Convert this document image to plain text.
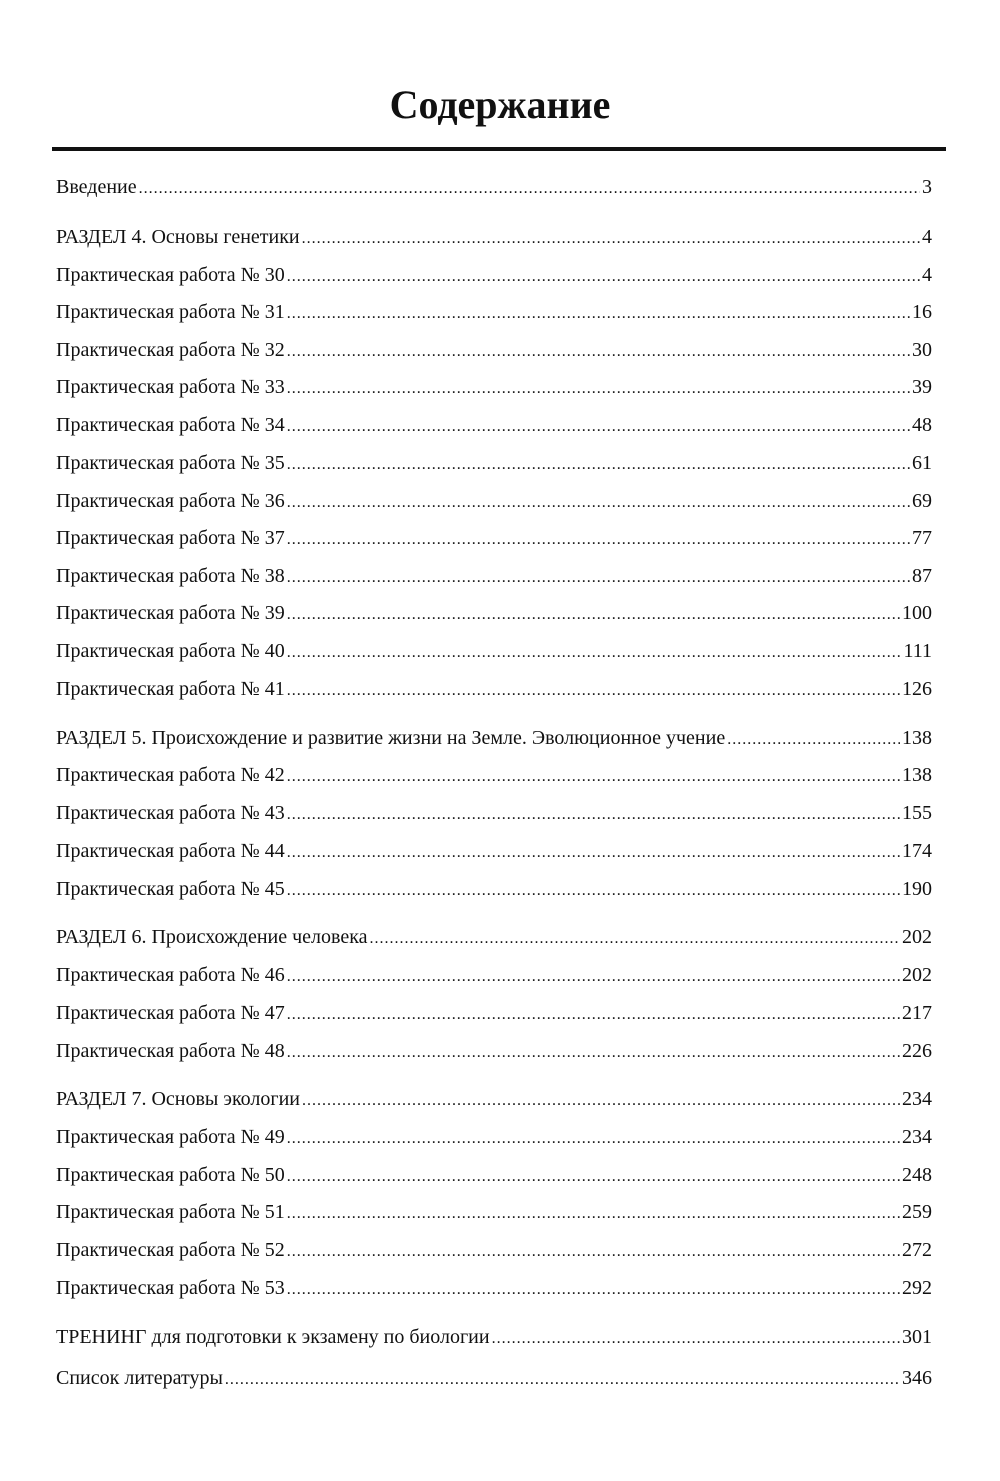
Содержание
Введение .....	3
РАЗДЕЛ 4. Основы генетики .....	4
Практическая работа № 30 .....	4
Практическая работа № 31 .....	16
Практическая работа № 32 .....	30
Практическая работа № 33 .....	39
Практическая работа № 34 .....	48
Практическая работа № 35 .....	61
Практическая работа № 36 .....	69
Практическая работа № 37 .....	77
Практическая работа № 38 .....	87
Практическая работа № 39 .....	100
Практическая работа № 40 .....	111
Практическая работа № 41 .....	126
РАЗДЕЛ 5. Происхождение и развитие жизни на Земле. Эволюционное учение .....	138
Практическая работа № 42 .....	138
Практическая работа № 43 .....	155
Практическая работа № 44 .....	174
Практическая работа № 45 .....	190
РАЗДЕЛ 6. Происхождение человека .....	202
Практическая работа № 46 .....	202
Практическая работа № 47 .....	217
Практическая работа № 48 .....	226
РАЗДЕЛ 7. Основы экологии .....	234
Практическая работа № 49 .....	234
Практическая работа № 50 .....	248
Практическая работа № 51 .....	259
Практическая работа № 52 .....	272
Практическая работа № 53 .....	292
ТРЕНИНГ для подготовки к экзамену по биологии .....	301
Список литературы .....	346
